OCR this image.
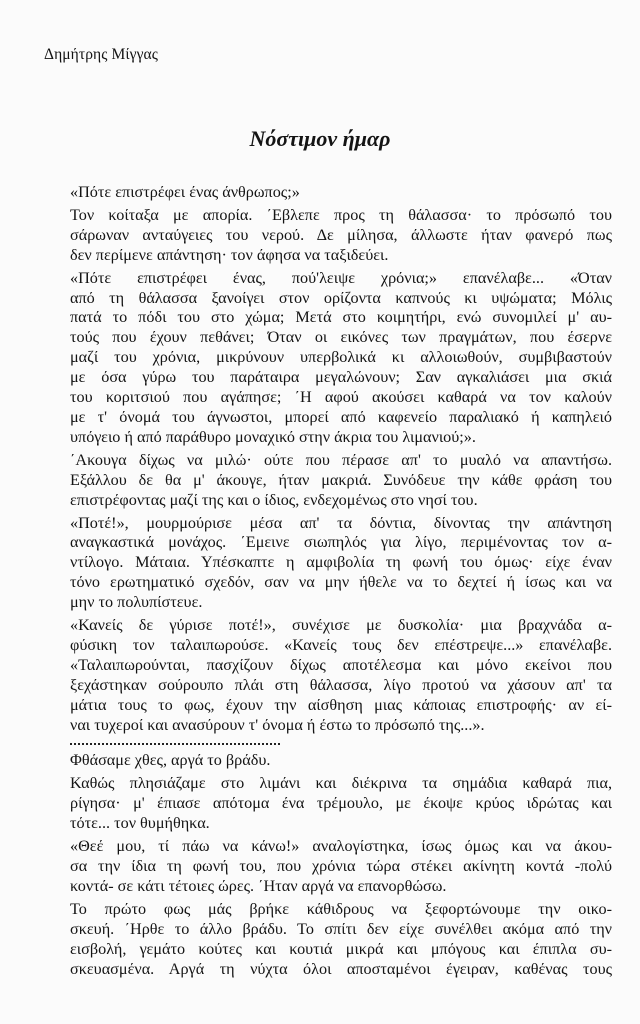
Δημήτρης Μίγγας
Νόστιμον ήμαρ
«Πότε επιστρέφει ένας άνθρωπος;»
Τον κοίταξα με απορία. ΄Εβλεπε προς τη θάλασσα· το πρόσωπό του
σάρωναν ανταύγειες του νερού. Δε μίλησα, άλλωστε ήταν φανερό πως
δεν περίμενε απάντηση· τον άφησα να ταξιδεύει.
«Πότε επιστρέφει ένας, πού'λειψε χρόνια;» επανέλαβε... «Όταν
από τη θάλασσα ξανοίγει στον ορίζοντα καπνούς κι υψώματα; Μόλις
πατά το πόδι του στο χώμα; Μετά στο κοιμητήρι, ενώ συνομιλεί μ' αυ-
τούς που έχουν πεθάνει; Όταν οι εικόνες των πραγμάτων, που έσερνε
μαζί του χρόνια, μικρύνουν υπερβολικά κι αλλοιωθούν, συμβιβαστούν
με όσα γύρω του παράταιρα μεγαλώνουν; Σαν αγκαλιάσει μια σκιά
του κοριτσιού που αγάπησε; ΄Η αφού ακούσει καθαρά να τον καλούν
με τ' όνομά του άγνωστοι, μπορεί από καφενείο παραλιακό ή καπηλειό
υπόγειο ή από παράθυρο μοναχικό στην άκρια του λιμανιού;».
΄Ακουγα δίχως να μιλώ· ούτε που πέρασε απ' το μυαλό να απαντήσω.
Εξάλλου δε θα μ' άκουγε, ήταν μακριά. Συνόδευε την κάθε φράση του
επιστρέφοντας μαζί της και ο ίδιος, ενδεχομένως στο νησί του.
«Ποτέ!», μουρμούρισε μέσα απ' τα δόντια, δίνοντας την απάντηση
αναγκαστικά μονάχος. ΄Εμεινε σιωπηλός για λίγο, περιμένοντας τον α-
ντίλογο. Μάταια. Υπέσκαπτε η αμφιβολία τη φωνή του όμως· είχε έναν
τόνο ερωτηματικό σχεδόν, σαν να μην ήθελε να το δεχτεί ή ίσως και να
μην το πολυπίστευε.
«Κανείς δε γύρισε ποτέ!», συνέχισε με δυσκολία· μια βραχνάδα α-
φύσικη τον ταλαιπωρούσε. «Κανείς τους δεν επέστρεψε...» επανέλαβε.
«Ταλαιπωρούνται, πασχίζουν δίχως αποτέλεσμα και μόνο εκείνοι που
ξεχάστηκαν σούρουπο πλάι στη θάλασσα, λίγο προτού να χάσουν απ' τα
μάτια τους το φως, έχουν την αίσθηση μιας κάποιας επιστροφής· αν εί-
ναι τυχεροί και ανασύρουν τ' όνομα ή έστω το πρόσωπό της...».
Φθάσαμε χθες, αργά το βράδυ.
Καθώς πλησιάζαμε στο λιμάνι και διέκρινα τα σημάδια καθαρά πια,
ρίγησα· μ' έπιασε απότομα ένα τρέμουλο, με έκοψε κρύος ιδρώτας και
τότε... τον θυμήθηκα.
«Θεέ μου, τί πάω να κάνω!» αναλογίστηκα, ίσως όμως και να άκου-
σα την ίδια τη φωνή του, που χρόνια τώρα στέκει ακίνητη κοντά -πολύ
κοντά- σε κάτι τέτοιες ώρες. ΄Ηταν αργά να επανορθώσω.
Το πρώτο φως μάς βρήκε κάθιδρους να ξεφορτώνουμε την οικο-
σκευή. ΄Ηρθε το άλλο βράδυ. Το σπίτι δεν είχε συνέλθει ακόμα από την
εισβολή, γεμάτο κούτες και κουτιά μικρά και μπόγους και έπιπλα συ-
σκευασμένα. Αργά τη νύχτα όλοι αποσταμένοι έγειραν, καθένας τους
